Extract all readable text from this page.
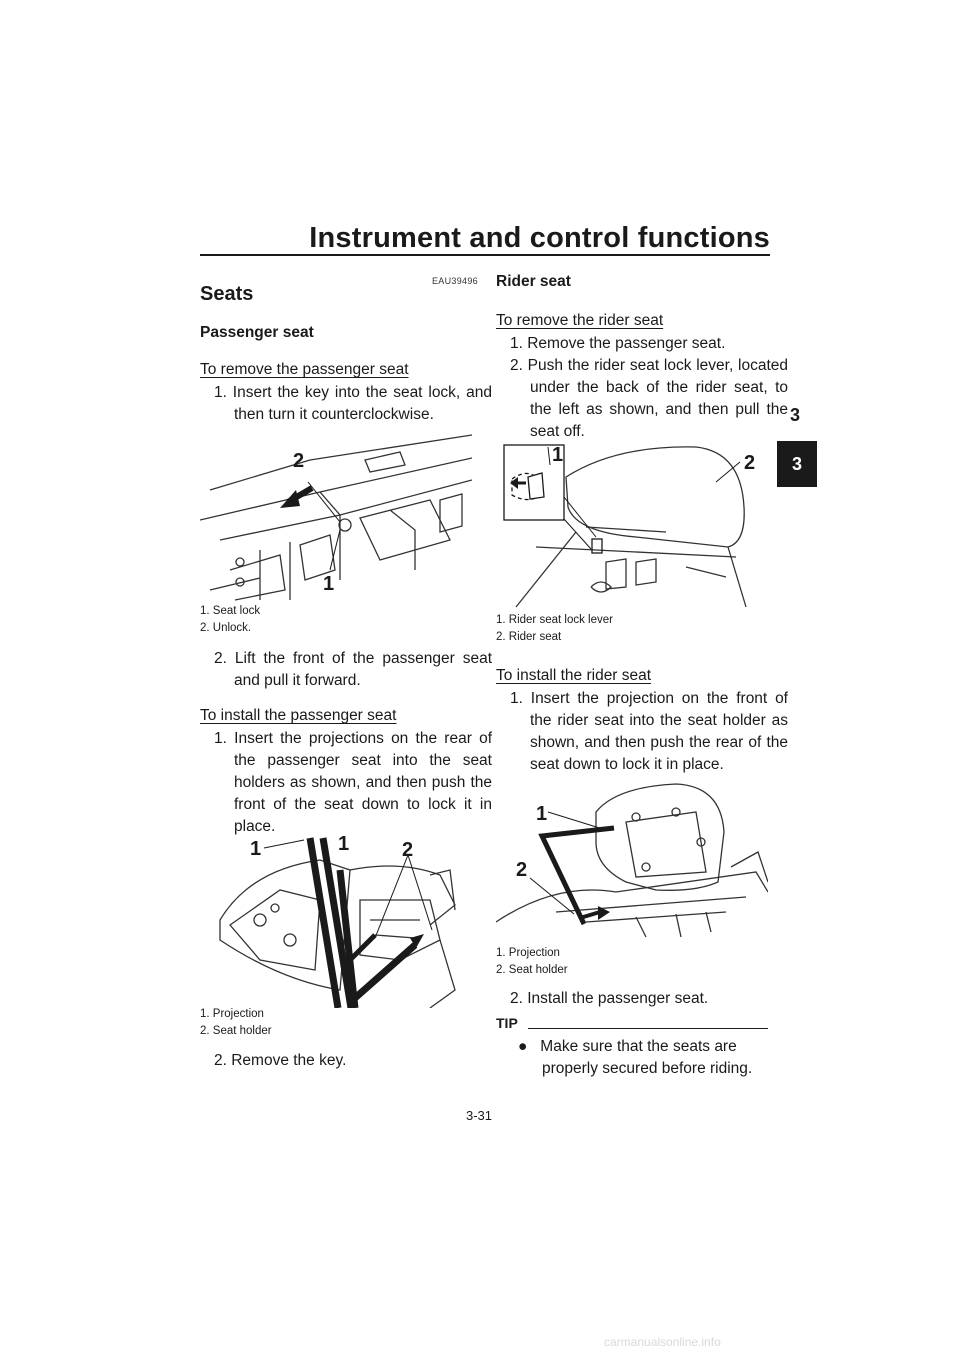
Instrument and control functions
3
3
EAU39496
Seats
Passenger seat
To remove the passenger seat
1. Insert the key into the seat lock, and then turn it counterclockwise.
2
1
1. Seat lock
2. Unlock.
2. Lift the front of the passenger seat and pull it forward.
To install the passenger seat
1. Insert the projections on the rear of the passenger seat into the seat holders as shown, and then push the front of the seat down to lock it in place.
1	1	2
1. Projection
2. Seat holder
2. Remove the key.
Rider seat
To remove the rider seat
1. Remove the passenger seat.
2. Push the rider seat lock lever, located under the back of the rider seat, to the left as shown, and then pull the seat off.
1	2
1. Rider seat lock lever
2. Rider seat
To install the rider seat
1. Insert the projection on the front of the rider seat into the seat holder as shown, and then push the rear of the seat down to lock it in place.
1
2
1. Projection
2. Seat holder
2. Install the passenger seat.
TIP
●   Make sure that the seats are properly secured before riding.
3-31
carmanualsonline.info
